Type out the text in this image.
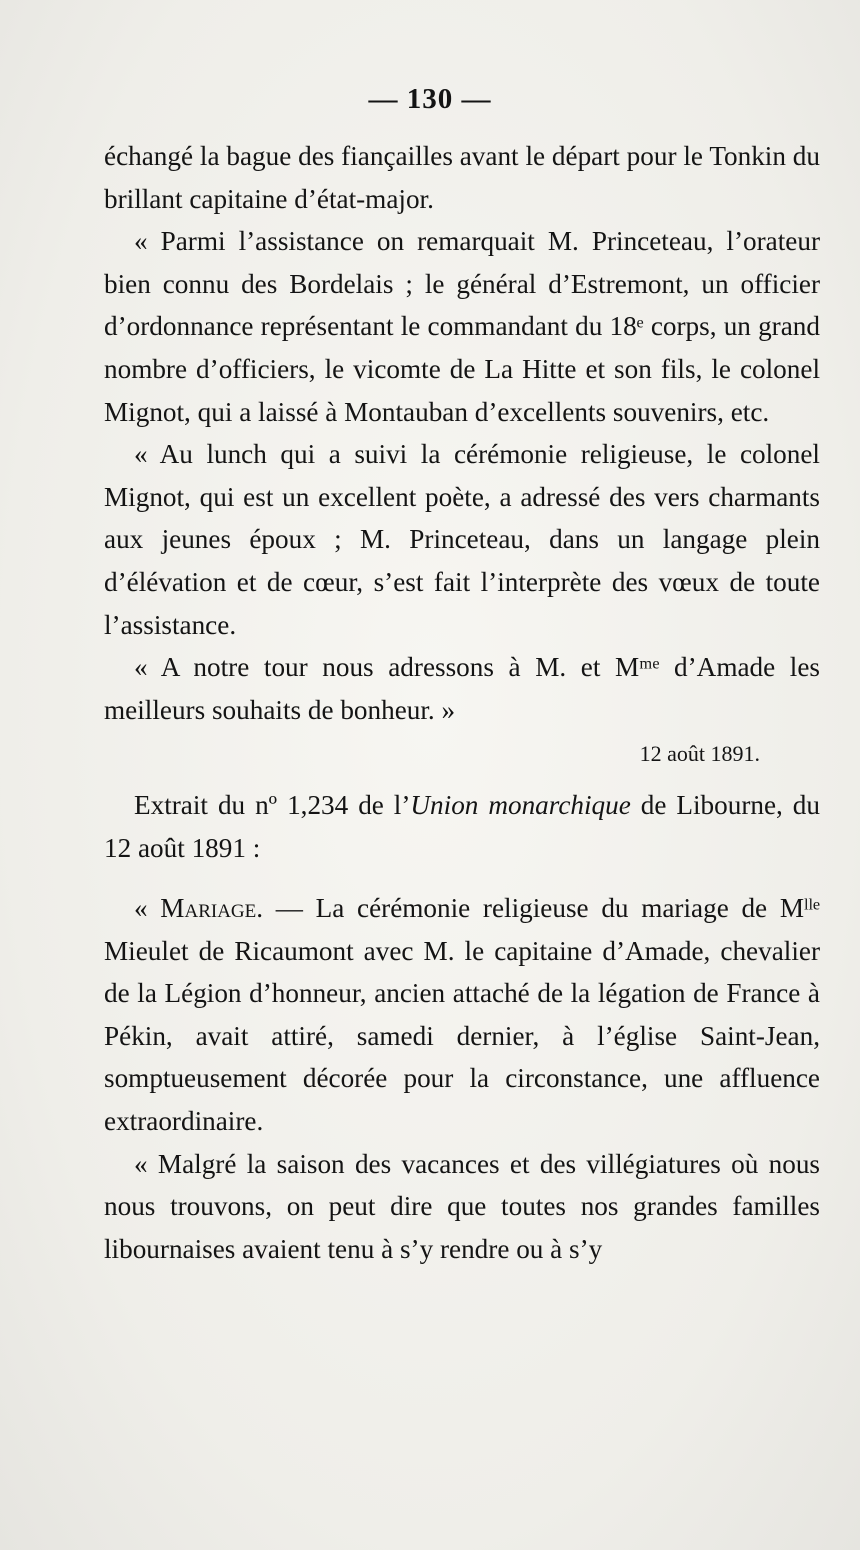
— 130 —

échangé la bague des fiançailles avant le départ pour le Tonkin du brillant capitaine d’état-major.

« Parmi l’assistance on remarquait M. Princeteau, l’orateur bien connu des Bordelais ; le général d’Estremont, un officier d’ordonnance représentant le commandant du 18ᵉ corps, un grand nombre d’officiers, le vicomte de La Hitte et son fils, le colonel Mignot, qui a laissé à Montauban d’excellents souvenirs, etc.

« Au lunch qui a suivi la cérémonie religieuse, le colonel Mignot, qui est un excellent poète, a adressé des vers charmants aux jeunes époux ; M. Princeteau, dans un langage plein d’élévation et de cœur, s’est fait l’interprète des vœux de toute l’assistance.

« A notre tour nous adressons à M. et Mᵐᵉ d’Amade les meilleurs souhaits de bonheur. »

12 août 1891.

Extrait du nº 1,234 de l’Union monarchique de Libourne, du 12 août 1891 :

« Mariage. — La cérémonie religieuse du mariage de Mˡˡᵉ Mieulet de Ricaumont avec M. le capitaine d’Amade, chevalier de la Légion d’honneur, ancien attaché de la légation de France à Pékin, avait attiré, samedi dernier, à l’église Saint-Jean, somptueusement décorée pour la circonstance, une affluence extraordinaire.

« Malgré la saison des vacances et des villégiatures où nous nous trouvons, on peut dire que toutes nos grandes familles libournaises avaient tenu à s’y rendre ou à s’y
